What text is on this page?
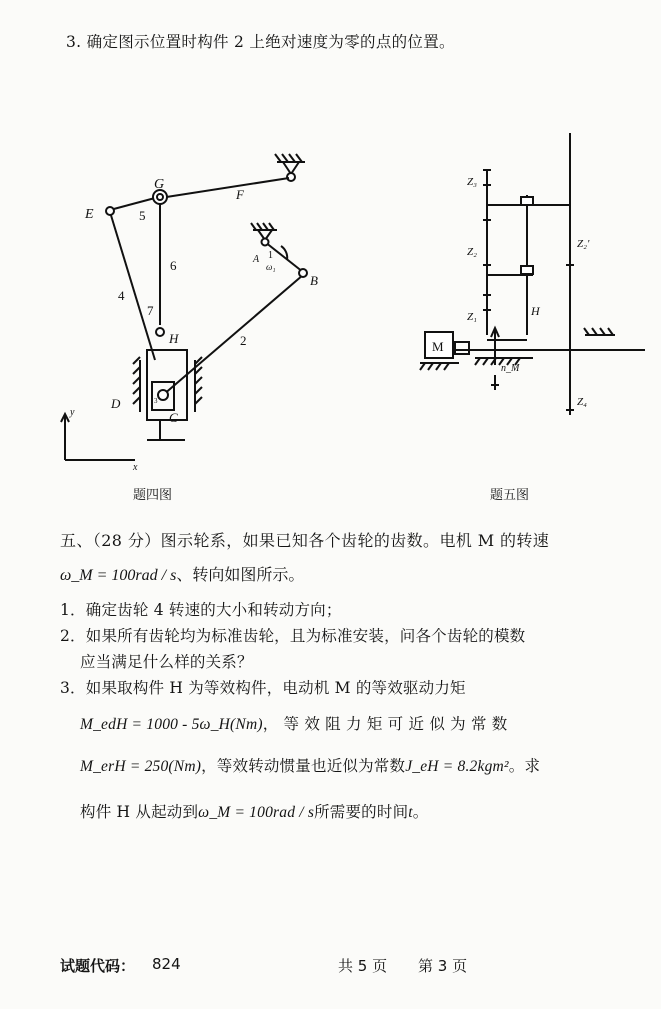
3. 确定图示位置时构件 2 上绝对速度为零的点的位置。
E
G
F
5
6
4
7
H
A 1
ω₁
B
2
D	3
C
y
x
题四图
Z₃
Z₂
Z₁
Z₂'
Z₄
H
M
n_M
题五图
五、（28 分）图示轮系，如果已知各个齿轮的齿数。电机 M 的转速
ω_M = 100rad / s、转向如图所示。
1．确定齿轮 4 转速的大小和转动方向；
2．如果所有齿轮均为标准齿轮，且为标准安装，问各个齿轮的模数
应当满足什么样的关系？
3．如果取构件 H 为等效构件，电动机 M 的等效驱动力矩
M_edH = 1000 - 5ω_H(Nm)， 等 效 阻 力 矩 可 近 似 为 常 数
M_erH = 250(Nm)，等效转动惯量也近似为常数J_eH = 8.2kgm²。求
构件 H 从起动到ω_M = 100rad / s所需要的时间t。
试题代码： 824	共 5 页 第 3 页
